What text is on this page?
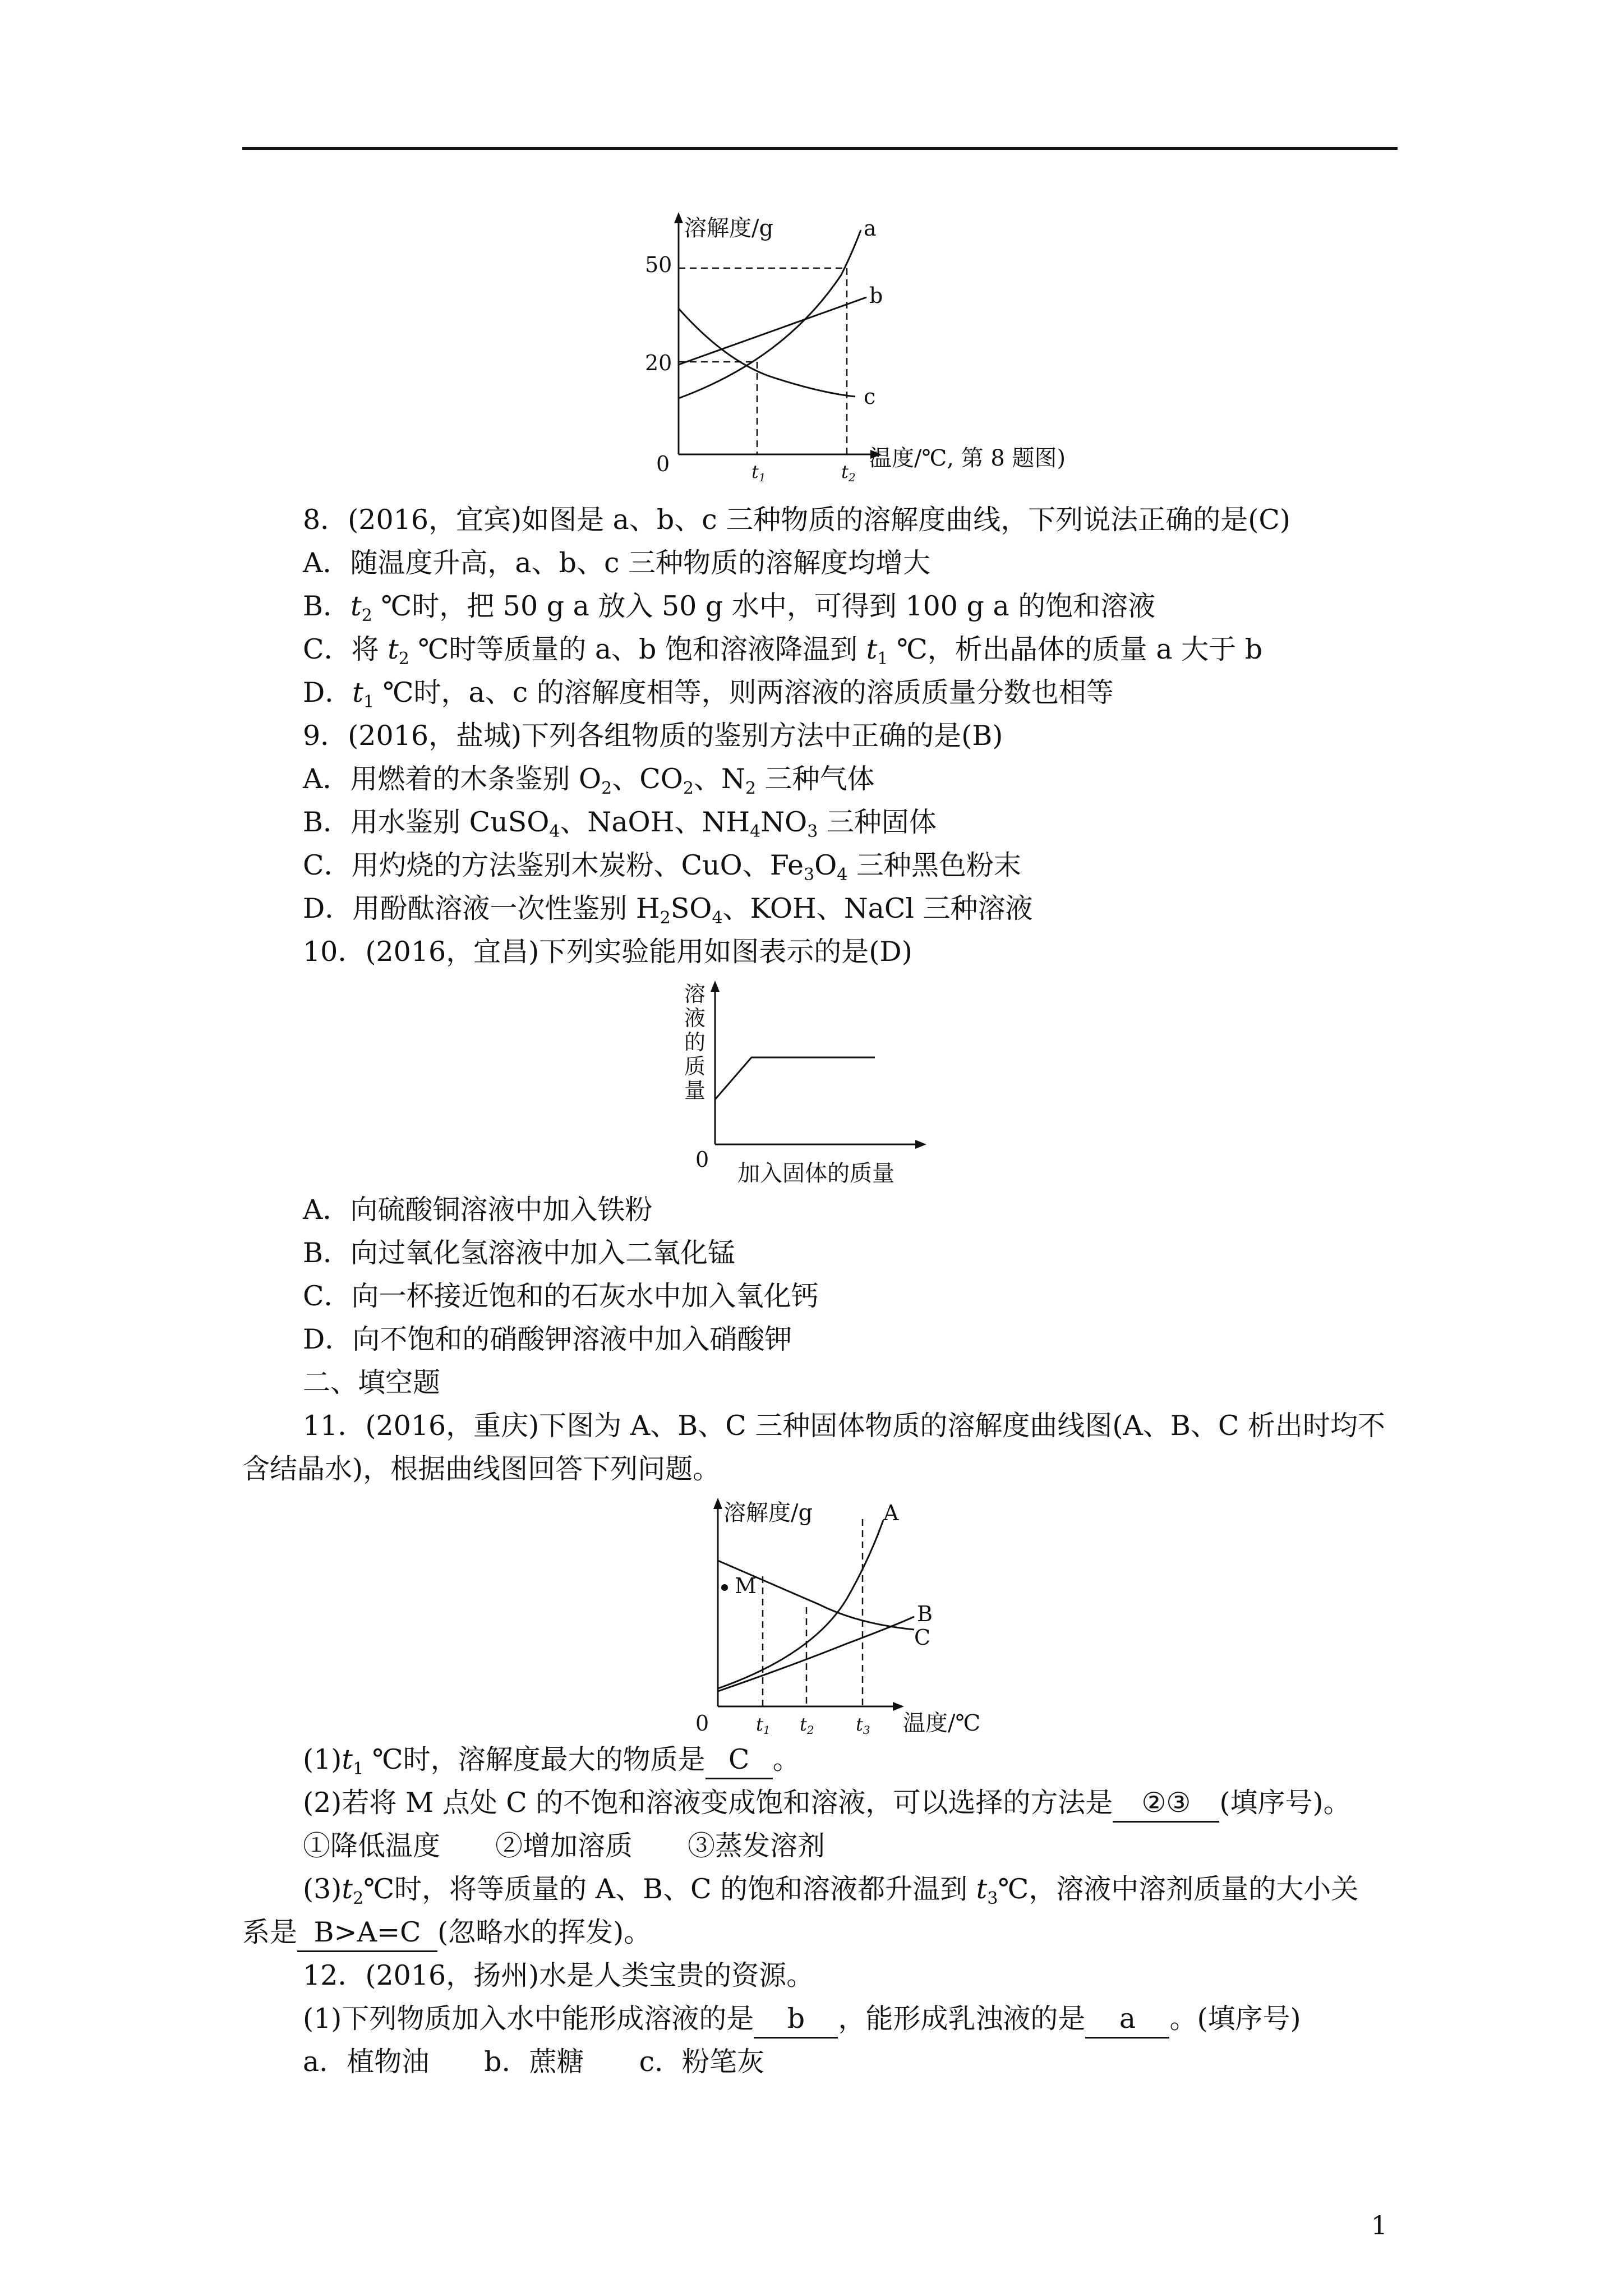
溶解度/g
50
20
0
a
b
c
t1	t2
温度/℃, 第 8 题图)
8．(2016，宜宾)如图是 a、b、c 三种物质的溶解度曲线，下列说法正确的是(C)
A．随温度升高，a、b、c 三种物质的溶解度均增大
B．$t_2$ ℃时，把 50 g a 放入 50 g 水中，可得到 100 g a 的饱和溶液
C．将 $t_2$ ℃时等质量的 a、b 饱和溶液降温到 $t_1$ ℃，析出晶体的质量 a 大于 b
D．$t_1$ ℃时，a、c 的溶解度相等，则两溶液的溶质质量分数也相等
9．(2016，盐城)下列各组物质的鉴别方法中正确的是(B)
A．用燃着的木条鉴别 $O_2$、$CO_2$、$N_2$ 三种气体
B．用水鉴别 CuSO$_4$、NaOH、$NH_4NO_3$ 三种固体
C．用灼烧的方法鉴别木炭粉、CuO、$Fe_3O_4$ 三种黑色粉末
D．用酚酞溶液一次性鉴别 $H_2SO_4$、KOH、NaCl 三种溶液
10．(2016，宜昌)下列实验能用如图表示的是(D)
溶
液
的
质
量
0
加入固体的质量
A．向硫酸铜溶液中加入铁粉
B．向过氧化氢溶液中加入二氧化锰
C．向一杯接近饱和的石灰水中加入氧化钙
D．向不饱和的硝酸钾溶液中加入硝酸钾
二、填空题
11．(2016，重庆)下图为 A、B、C 三种固体物质的溶解度曲线图(A、B、C 析出时均不
含结晶水)，根据曲线图回答下列问题。
溶解度/g	A
B
C
M
0	t1 t2 t3 温度/℃
$(1)t_1$ ℃时，溶解度最大的物质是 C 。
(2)若将 M 点处 C 的不饱和溶液变成饱和溶液，可以选择的方法是 ②③ (填序号)。
①降低温度　　②增加溶质　　③蒸发溶剂
$(3)t_2℃$时，将等质量的 A、B、C 的饱和溶液都升温到 $t_3℃$，溶液中溶剂质量的大小关
系是 B>A=C (忽略水的挥发)。
12．(2016，扬州)水是人类宝贵的资源。
(1)下列物质加入水中能形成溶液的是 b ，能形成乳浊液的是 a 。(填序号)
a．植物油　　b．蔗糖　　c．粉笔灰
1
